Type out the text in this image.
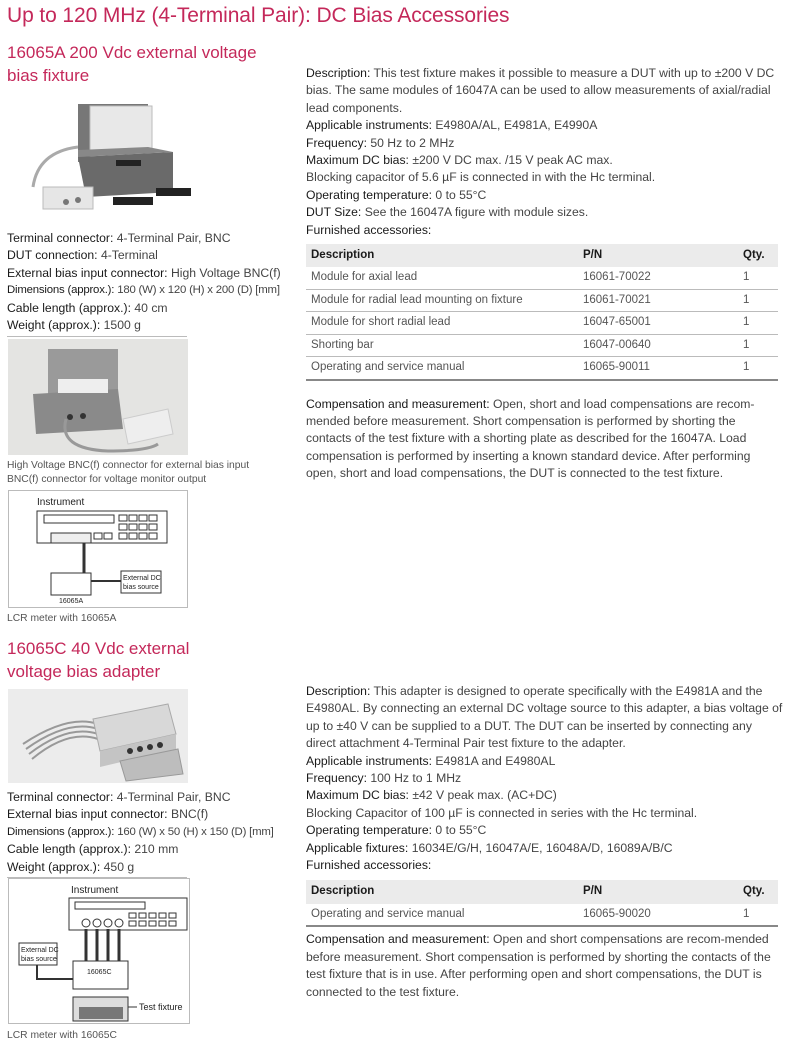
Up to 120 MHz (4-Terminal Pair): DC Bias Accessories
16065A 200 Vdc external voltage
bias fixture
Terminal connector: 4-Terminal Pair, BNC
DUT connection: 4-Terminal
External bias input connector: High Voltage BNC(f)
Dimensions (approx.): 180 (W) x 120 (H) x 200 (D) [mm]
Cable length (approx.): 40 cm
Weight (approx.): 1500 g
High Voltage BNC(f) connector for external bias input
BNC(f) connector for voltage monitor output
Instrument
External DC
bias source
16065A
LCR meter with 16065A

Description: This test fixture makes it possible to measure a DUT with up to ±200 V DC bias. The same modules of 16047A can be used to allow measurements of axial/radial lead components.

Applicable instruments: E4980A/AL, E4981A, E4990A

Frequency: 50 Hz to 2 MHz

Maximum DC bias: ±200 V DC max. /15 V peak AC max.

Blocking capacitor of 5.6 µF is connected in with the Hc terminal.

Operating temperature: 0 to 55°C

DUT Size: See the 16047A figure with module sizes.

Furnished accessories:

Description	P/N	Qty.
Module for axial lead	16061-70022	1
Module for radial lead mounting on fixture	16061-70021	1
Module for short radial lead	16047-65001	1
Shorting bar	16047-00640	1
Operating and service manual	16065-90011	1

Compensation and measurement: Open, short and load compensations are recom-mended before measurement. Short compensation is performed by shorting the contacts of the test fixture with a shorting plate as described for the 16047A. Load compensation is performed by inserting a known standard device. After performing open, short and load compensations, the DUT is connected to the test fixture.

16065C 40 Vdc external
voltage bias adapter
Terminal connector: 4-Terminal Pair, BNC
External bias input connector: BNC(f)
Dimensions (approx.): 160 (W) x 50 (H) x 150 (D) [mm]
Cable length (approx.): 210 mm
Weight (approx.): 450 g
Instrument
16065C
External DC
bias source
Test fixture
LCR meter with 16065C

Description: This adapter is designed to operate specifically with the E4981A and the E4980AL. By connecting an external DC voltage source to this adapter, a bias voltage of up to ±40 V can be supplied to a DUT. The DUT can be inserted by connecting any direct attachment 4-Terminal Pair test fixture to the adapter.

Applicable instruments: E4981A and E4980AL

Frequency: 100 Hz to 1 MHz

Maximum DC bias: ±42 V peak max. (AC+DC)

Blocking Capacitor of 100 µF is connected in series with the Hc terminal.

Operating temperature: 0 to 55°C

Applicable fixtures: 16034E/G/H, 16047A/E, 16048A/D, 16089A/B/C

Furnished accessories:

Description	P/N	Qty.
Operating and service manual	16065-90020	1

Compensation and measurement: Open and short compensations are recom-mended before measurement. Short compensation is performed by shorting the contacts of the test fixture that is in use. After performing open and short compensations, the DUT is connected to the test fixture.
